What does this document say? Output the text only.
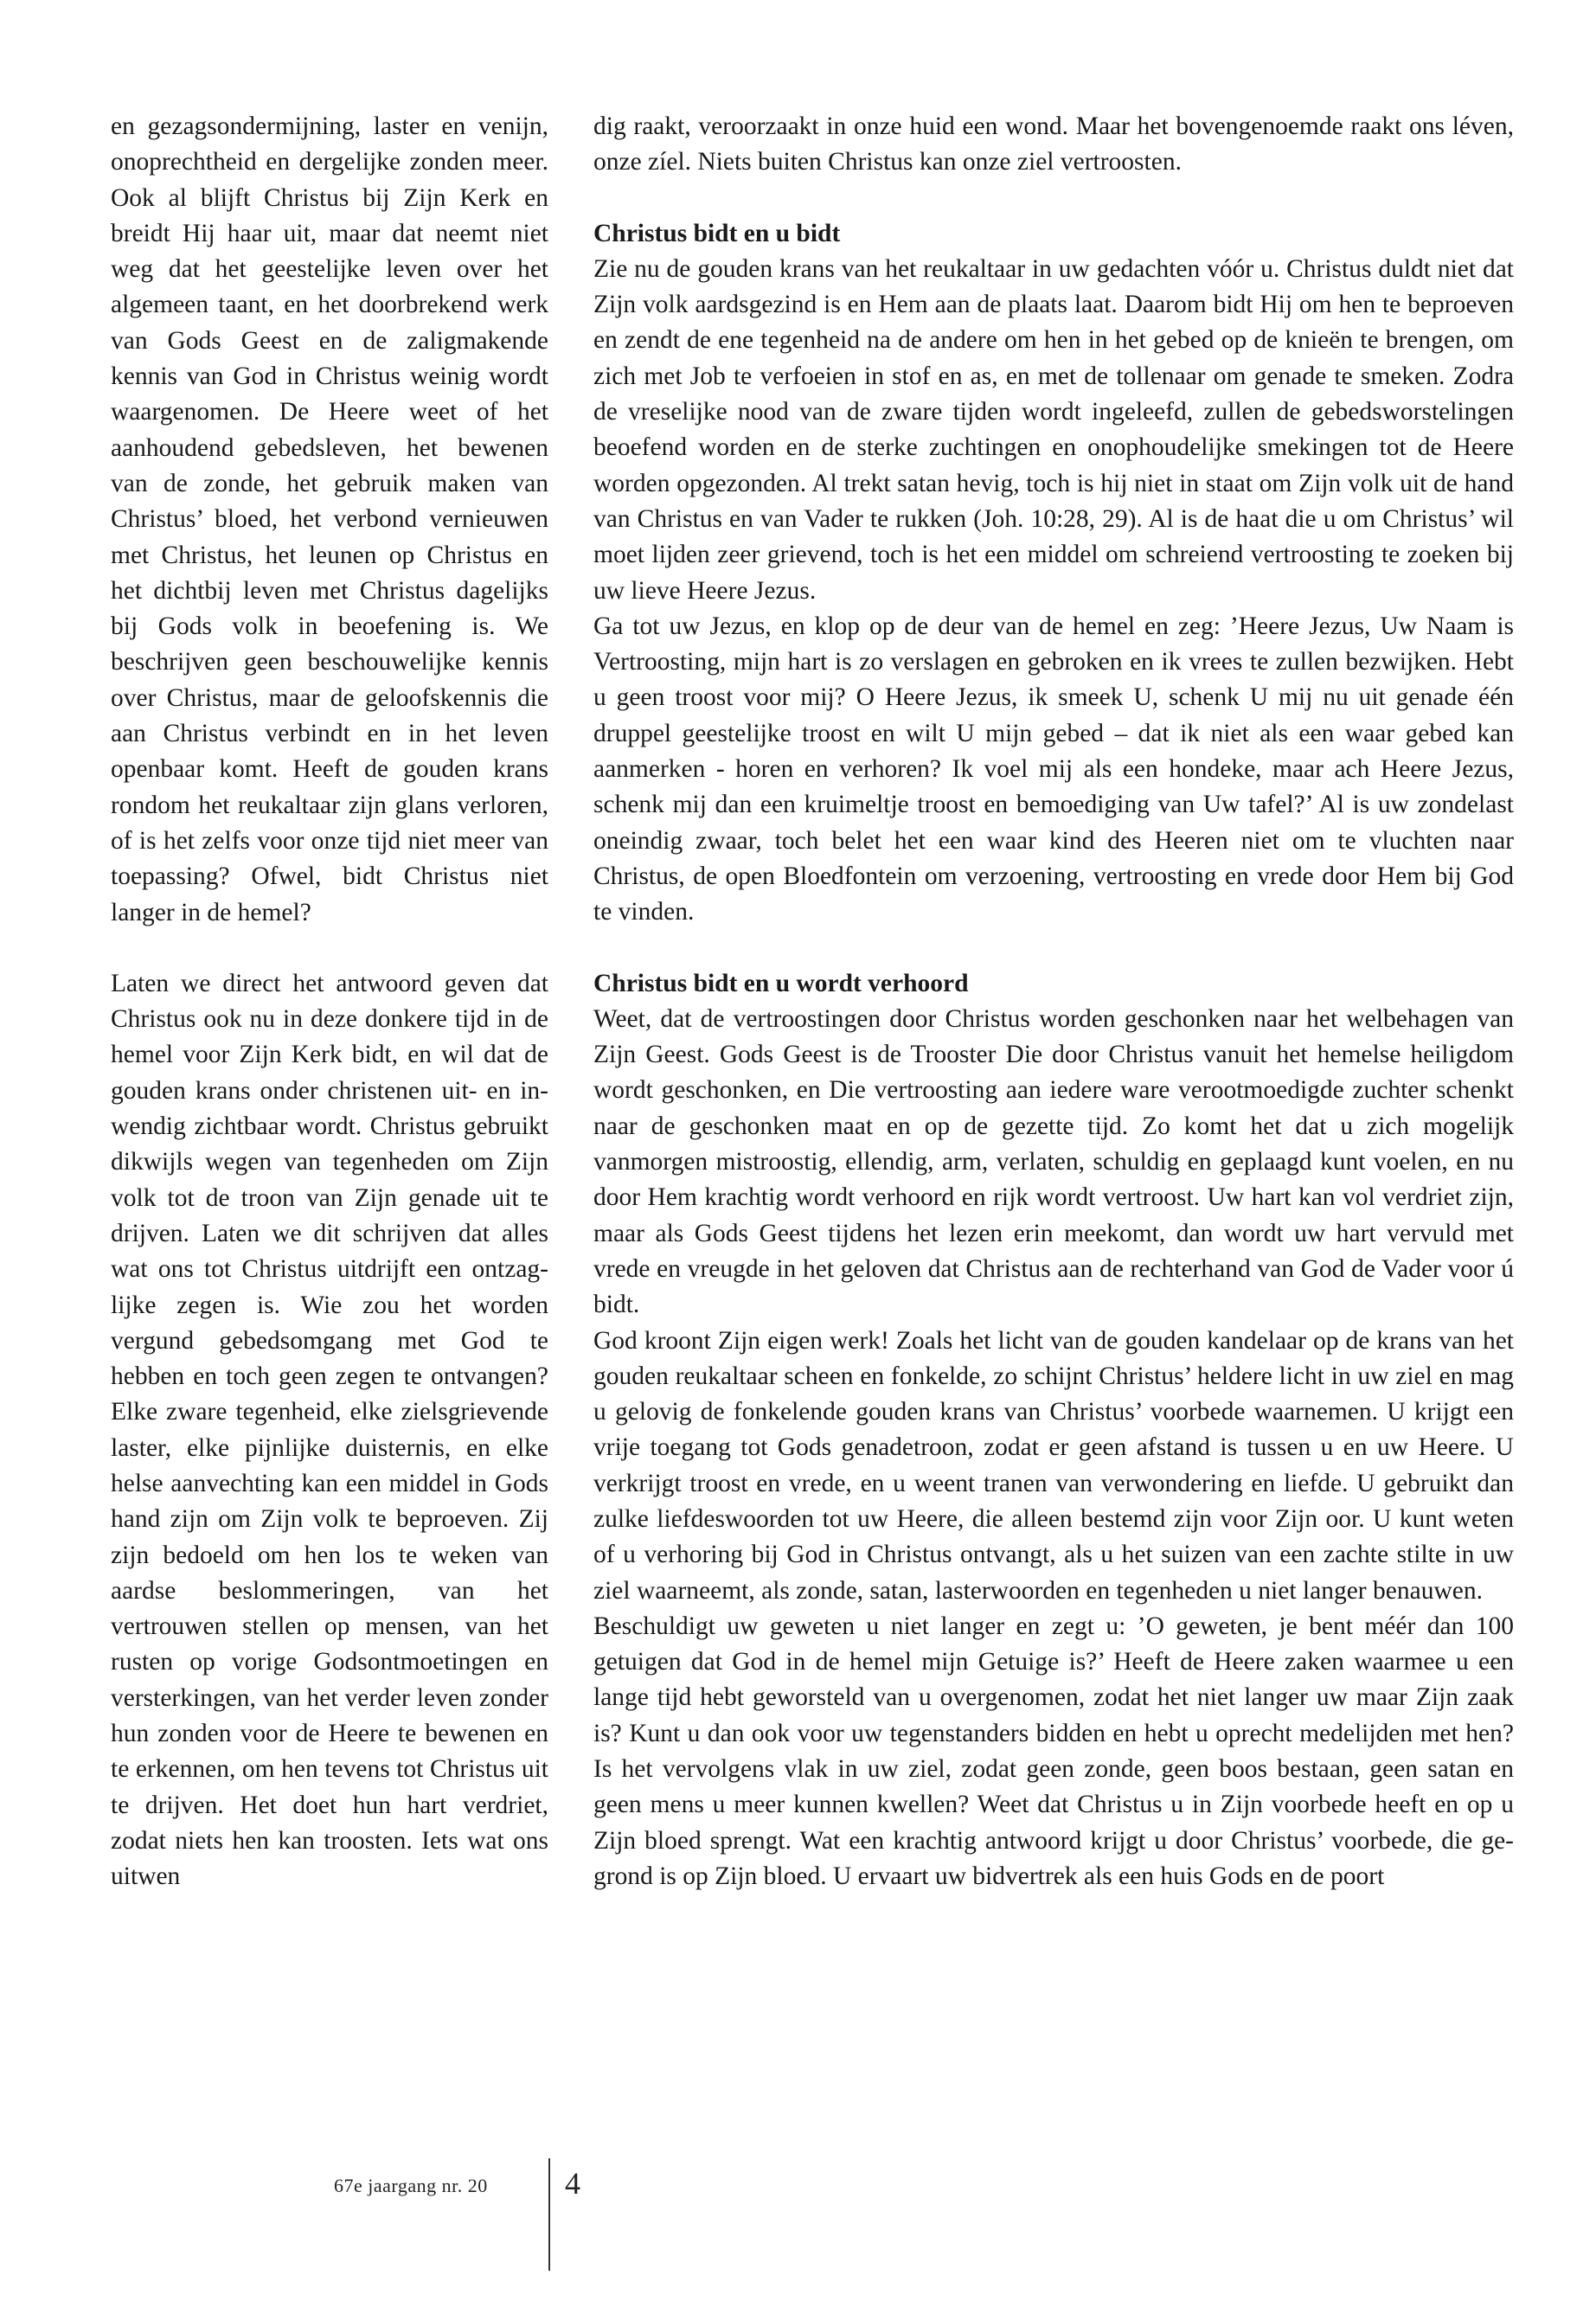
en gezagsondermijning, laster en venijn, onoprechtheid en dergelijke zonden meer. Ook al blijft Christus bij Zijn Kerk en breidt Hij haar uit, maar dat neemt niet weg dat het geestelijke leven over het algemeen taant, en het doorbrekend werk van Gods Geest en de zaligmakende kennis van God in Christus weinig wordt waargenomen. De Heere weet of het aanhoudend gebedsleven, het bewenen van de zonde, het gebruik maken van Christus’ bloed, het verbond vernieuwen met Christus, het leunen op Christus en het dichtbij leven met Christus dagelijks bij Gods volk in beoefening is. We beschrijven geen beschouwelijke kennis over Christus, maar de geloofskennis die aan Christus verbindt en in het leven openbaar komt. Heeft de gouden krans rondom het reukaltaar zijn glans verloren, of is het zelfs voor onze tijd niet meer van toepassing? Ofwel, bidt Christus niet langer in de hemel?

Laten we direct het antwoord geven dat Christus ook nu in deze donkere tijd in de hemel voor Zijn Kerk bidt, en wil dat de gouden krans onder christenen uit- en inwendig zichtbaar wordt. Christus gebruikt dikwijls wegen van tegenheden om Zijn volk tot de troon van Zijn genade uit te drijven. Laten we dit schrijven dat alles wat ons tot Christus uitdrijft een ontzaglijke zegen is. Wie zou het worden vergund gebedsomgang met God te hebben en toch geen zegen te ontvangen? Elke zware tegenheid, elke zielsgrievende laster, elke pijnlijke duisternis, en elke helse aanvechting kan een middel in Gods hand zijn om Zijn volk te beproeven. Zij zijn bedoeld om hen los te weken van aardse beslommeringen, van het vertrouwen stellen op mensen, van het rusten op vorige Godsontmoetingen en versterkingen, van het verder leven zonder hun zonden voor de Heere te bewenen en te erkennen, om hen tevens tot Christus uit te drijven. Het doet hun hart verdriet, zodat niets hen kan troosten. Iets wat ons uitwen

dig raakt, veroorzaakt in onze huid een wond. Maar het bovengenoemde raakt ons léven, onze zíel. Niets buiten Christus kan onze ziel vertroosten.

Christus bidt en u bidt

Zie nu de gouden krans van het reukaltaar in uw gedachten vóór u. Christus duldt niet dat Zijn volk aardsgezind is en Hem aan de plaats laat. Daarom bidt Hij om hen te beproeven en zendt de ene tegenheid na de andere om hen in het gebed op de knieën te brengen, om zich met Job te verfoeien in stof en as, en met de tollenaar om genade te smeken. Zodra de vreselijke nood van de zware tijden wordt ingeleefd, zullen de gebedsworstelingen beoefend worden en de sterke zuchtingen en onophoudelijke smekingen tot de Heere worden opgezonden. Al trekt satan hevig, toch is hij niet in staat om Zijn volk uit de hand van Christus en van Vader te rukken (Joh. 10:28, 29). Al is de haat die u om Christus’ wil moet lijden zeer grievend, toch is het een middel om schreiend vertroosting te zoeken bij uw lieve Heere Jezus.

Ga tot uw Jezus, en klop op de deur van de hemel en zeg: ’Heere Jezus, Uw Naam is Vertroosting, mijn hart is zo verslagen en gebroken en ik vrees te zullen bezwijken. Hebt u geen troost voor mij? O Heere Jezus, ik smeek U, schenk U mij nu uit genade één druppel geestelijke troost en wilt U mijn gebed – dat ik niet als een waar gebed kan aanmerken - horen en verhoren? Ik voel mij als een hondeke, maar ach Heere Jezus, schenk mij dan een kruimeltje troost en bemoediging van Uw tafel?’ Al is uw zondelast oneindig zwaar, toch belet het een waar kind des Heeren niet om te vluchten naar Christus, de open Bloedfontein om verzoening, vertroosting en vrede door Hem bij God te vinden.

Christus bidt en u wordt verhoord

Weet, dat de vertroostingen door Christus worden geschonken naar het welbehagen van Zijn Geest. Gods Geest is de Trooster Die door Christus vanuit het hemelse heiligdom wordt geschonken, en Die vertroosting aan iedere ware verootmoedigde zuchter schenkt naar de geschonken maat en op de gezette tijd. Zo komt het dat u zich mogelijk vanmorgen mistroostig, ellendig, arm, verlaten, schuldig en geplaagd kunt voelen, en nu door Hem krachtig wordt verhoord en rijk wordt vertroost. Uw hart kan vol verdriet zijn, maar als Gods Geest tijdens het lezen erin meekomt, dan wordt uw hart vervuld met vrede en vreugde in het geloven dat Christus aan de rechterhand van God de Vader voor ú bidt.

God kroont Zijn eigen werk! Zoals het licht van de gouden kandelaar op de krans van het gouden reukaltaar scheen en fonkelde, zo schijnt Christus’ heldere licht in uw ziel en mag u gelovig de fonkelende gouden krans van Christus’ voorbede waarnemen. U krijgt een vrije toegang tot Gods genadetroon, zodat er geen afstand is tussen u en uw Heere. U verkrijgt troost en vrede, en u weent tranen van verwondering en liefde. U gebruikt dan zulke liefdeswoorden tot uw Heere, die alleen bestemd zijn voor Zijn oor. U kunt weten of u verhoring bij God in Christus ontvangt, als u het suizen van een zachte stilte in uw ziel waarneemt, als zonde, satan, lasterwoorden en tegenheden u niet langer benauwen.

Beschuldigt uw geweten u niet langer en zegt u: ’O geweten, je bent méér dan 100 getuigen dat God in de hemel mijn Getuige is?’ Heeft de Heere zaken waarmee u een lange tijd hebt geworsteld van u overgenomen, zodat het niet langer uw maar Zijn zaak is? Kunt u dan ook voor uw tegenstanders bidden en hebt u oprecht medelijden met hen? Is het vervolgens vlak in uw ziel, zodat geen zonde, geen boos bestaan, geen satan en geen mens u meer kunnen kwellen? Weet dat Christus u in Zijn voorbede heeft en op u Zijn bloed sprengt. Wat een krachtig antwoord krijgt u door Christus’ voorbede, die gegrond is op Zijn bloed. U ervaart uw bidvertrek als een huis Gods en de poort

67e jaargang nr. 20 4
